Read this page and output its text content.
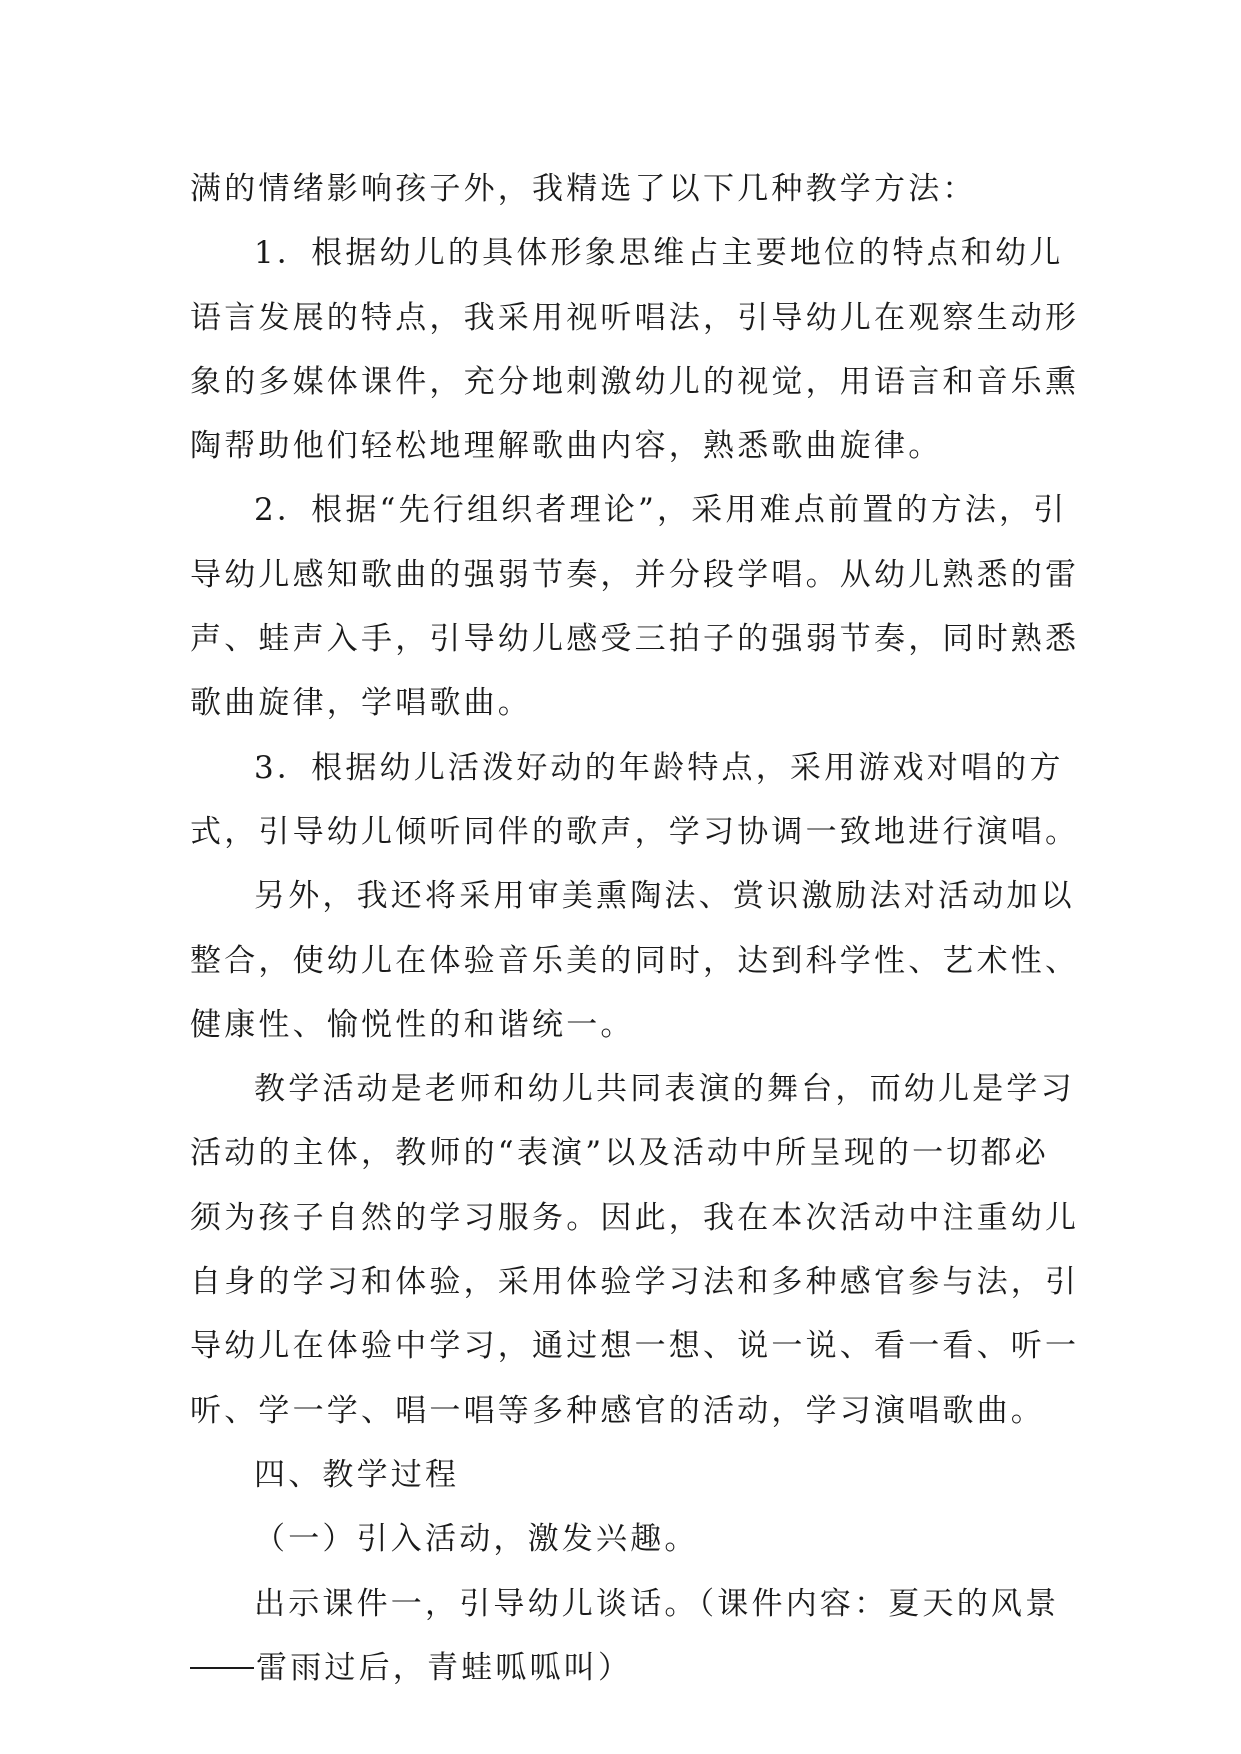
满的情绪影响孩子外，我精选了以下几种教学方法：
1．根据幼儿的具体形象思维占主要地位的特点和幼儿
语言发展的特点，我采用视听唱法，引导幼儿在观察生动形
象的多媒体课件，充分地刺激幼儿的视觉，用语言和音乐熏
陶帮助他们轻松地理解歌曲内容，熟悉歌曲旋律。
2．根据“先行组织者理论”，采用难点前置的方法，引
导幼儿感知歌曲的强弱节奏，并分段学唱。从幼儿熟悉的雷
声、蛙声入手，引导幼儿感受三拍子的强弱节奏，同时熟悉
歌曲旋律，学唱歌曲。
3．根据幼儿活泼好动的年龄特点，采用游戏对唱的方
式，引导幼儿倾听同伴的歌声，学习协调一致地进行演唱。
另外，我还将采用审美熏陶法、赏识激励法对活动加以
整合，使幼儿在体验音乐美的同时，达到科学性、艺术性、
健康性、愉悦性的和谐统一。
教学活动是老师和幼儿共同表演的舞台，而幼儿是学习
活动的主体，教师的“表演”以及活动中所呈现的一切都必
须为孩子自然的学习服务。因此，我在本次活动中注重幼儿
自身的学习和体验，采用体验学习法和多种感官参与法，引
导幼儿在体验中学习，通过想一想、说一说、看一看、听一
听、学一学、唱一唱等多种感官的活动，学习演唱歌曲。
四、教学过程
（一）引入活动，激发兴趣。
出示课件一，引导幼儿谈话。（课件内容：夏天的风景
雷雨过后，青蛙呱呱叫）
